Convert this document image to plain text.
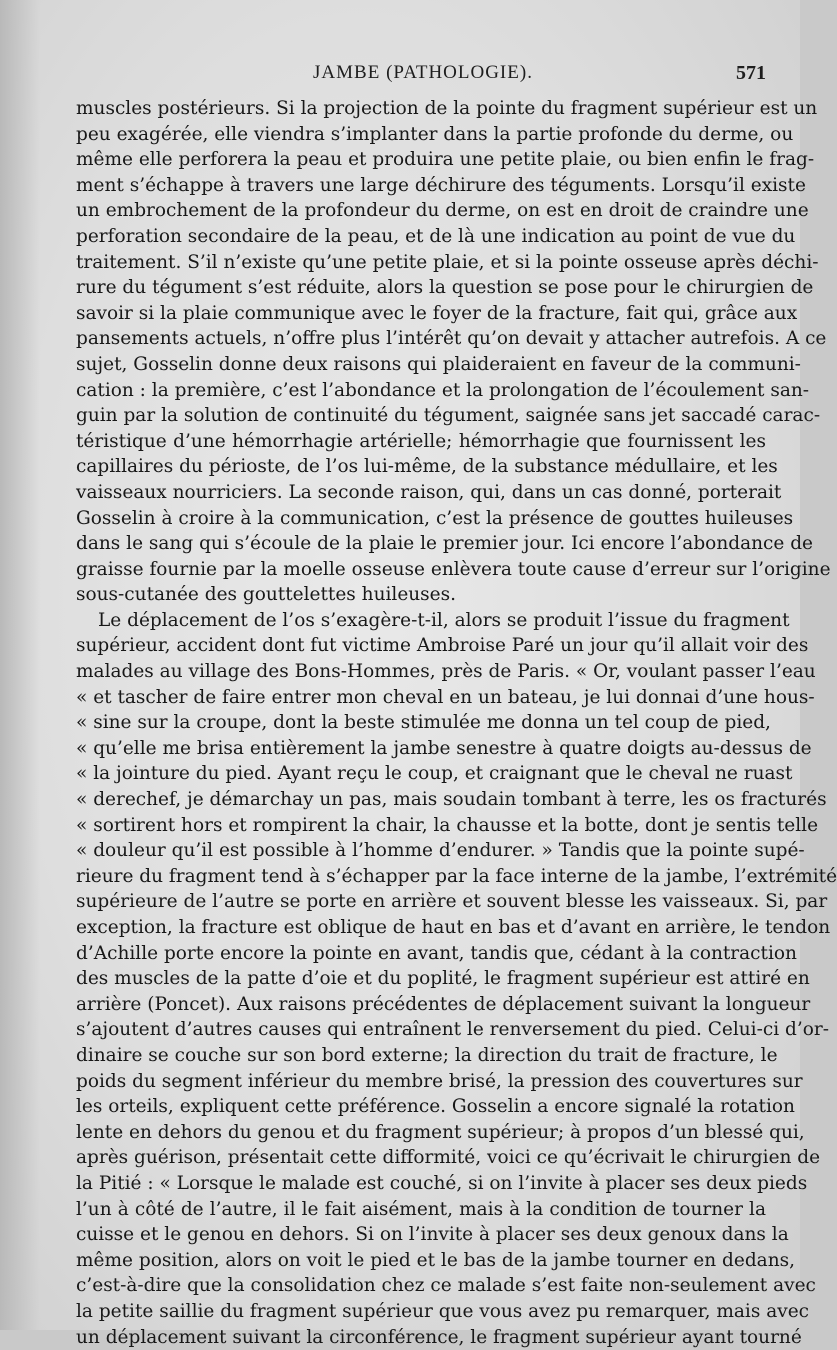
JAMBE (PATHOLOGIE).	571
muscles postérieurs. Si la projection de la pointe du fragment supérieur est un
peu exagérée, elle viendra s’implanter dans la partie profonde du derme, ou
même elle perforera la peau et produira une petite plaie, ou bien enfin le frag-
ment s’échappe à travers une large déchirure des téguments. Lorsqu’il existe
un embrochement de la profondeur du derme, on est en droit de craindre une
perforation secondaire de la peau, et de là une indication au point de vue du
traitement. S’il n’existe qu’une petite plaie, et si la pointe osseuse après déchi-
rure du tégument s’est réduite, alors la question se pose pour le chirurgien de
savoir si la plaie communique avec le foyer de la fracture, fait qui, grâce aux
pansements actuels, n’offre plus l’intérêt qu’on devait y attacher autrefois. A ce
sujet, Gosselin donne deux raisons qui plaideraient en faveur de la communi-
cation : la première, c’est l’abondance et la prolongation de l’écoulement san-
guin par la solution de continuité du tégument, saignée sans jet saccadé carac-
téristique d’une hémorrhagie artérielle; hémorrhagie que fournissent les
capillaires du périoste, de l’os lui-même, de la substance médullaire, et les
vaisseaux nourriciers. La seconde raison, qui, dans un cas donné, porterait
Gosselin à croire à la communication, c’est la présence de gouttes huileuses
dans le sang qui s’écoule de la plaie le premier jour. Ici encore l’abondance de
graisse fournie par la moelle osseuse enlèvera toute cause d’erreur sur l’origine
sous-cutanée des gouttelettes huileuses.
Le déplacement de l’os s’exagère-t-il, alors se produit l’issue du fragment
supérieur, accident dont fut victime Ambroise Paré un jour qu’il allait voir des
malades au village des Bons-Hommes, près de Paris. « Or, voulant passer l’eau
« et tascher de faire entrer mon cheval en un bateau, je lui donnai d’une hous-
« sine sur la croupe, dont la beste stimulée me donna un tel coup de pied,
« qu’elle me brisa entièrement la jambe senestre à quatre doigts au-dessus de
« la jointure du pied. Ayant reçu le coup, et craignant que le cheval ne ruast
« derechef, je démarchay un pas, mais soudain tombant à terre, les os fracturés
« sortirent hors et rompirent la chair, la chausse et la botte, dont je sentis telle
« douleur qu’il est possible à l’homme d’endurer. » Tandis que la pointe supé-
rieure du fragment tend à s’échapper par la face interne de la jambe, l’extrémité
supérieure de l’autre se porte en arrière et souvent blesse les vaisseaux. Si, par
exception, la fracture est oblique de haut en bas et d’avant en arrière, le tendon
d’Achille porte encore la pointe en avant, tandis que, cédant à la contraction
des muscles de la patte d’oie et du poplité, le fragment supérieur est attiré en
arrière (Poncet). Aux raisons précédentes de déplacement suivant la longueur
s’ajoutent d’autres causes qui entraînent le renversement du pied. Celui-ci d’or-
dinaire se couche sur son bord externe; la direction du trait de fracture, le
poids du segment inférieur du membre brisé, la pression des couvertures sur
les orteils, expliquent cette préférence. Gosselin a encore signalé la rotation
lente en dehors du genou et du fragment supérieur; à propos d’un blessé qui,
après guérison, présentait cette difformité, voici ce qu’écrivait le chirurgien de
la Pitié : « Lorsque le malade est couché, si on l’invite à placer ses deux pieds
l’un à côté de l’autre, il le fait aisément, mais à la condition de tourner la
cuisse et le genou en dehors. Si on l’invite à placer ses deux genoux dans la
même position, alors on voit le pied et le bas de la jambe tourner en dedans,
c’est-à-dire que la consolidation chez ce malade s’est faite non-seulement avec
la petite saillie du fragment supérieur que vous avez pu remarquer, mais avec
un déplacement suivant la circonférence, le fragment supérieur ayant tourné
